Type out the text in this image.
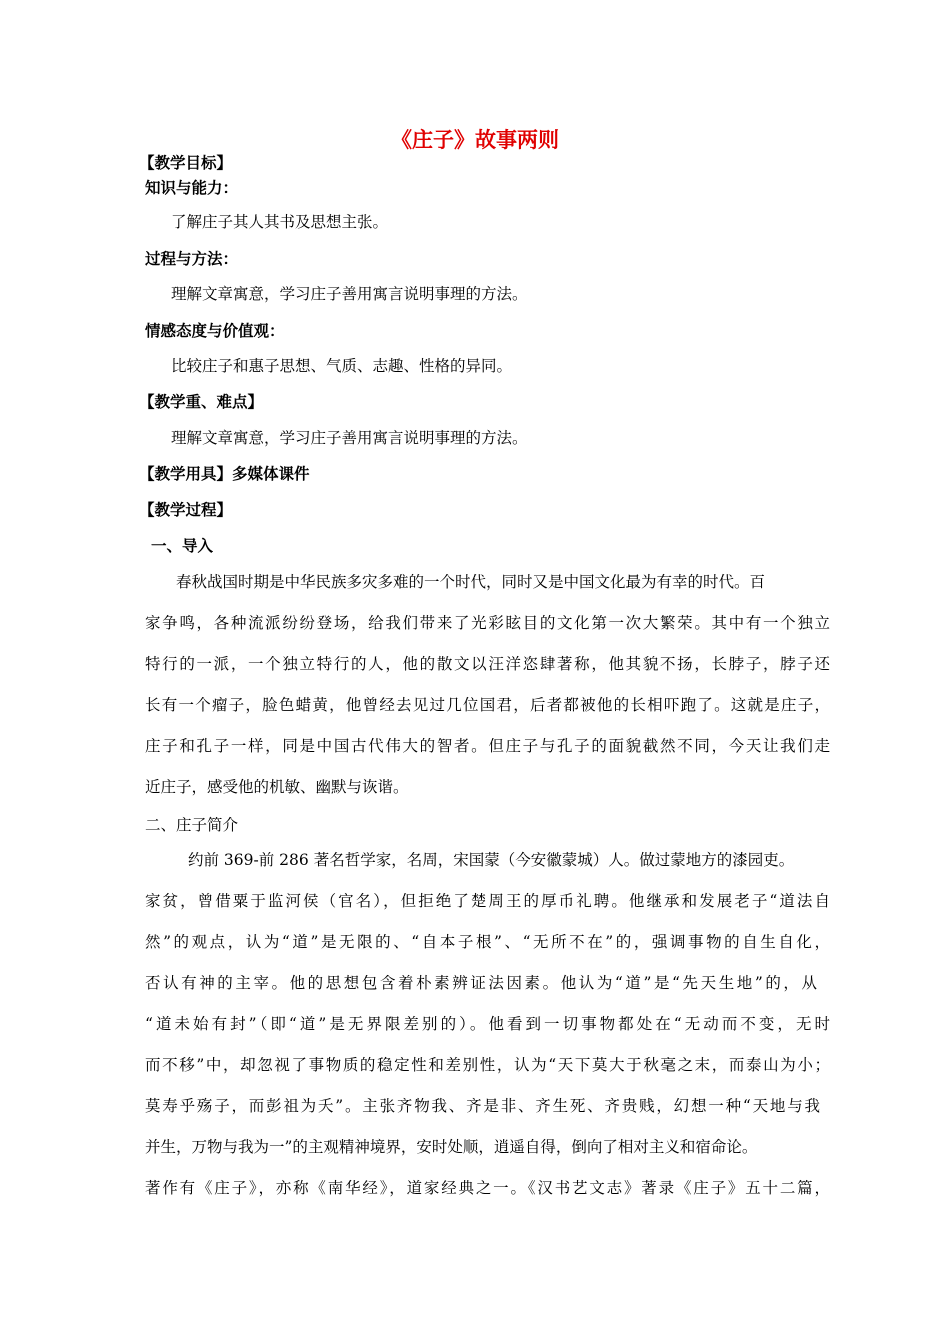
《庄子》故事两则
【教学目标】
知识与能力：
了解庄子其人其书及思想主张。
过程与方法：
理解文章寓意，学习庄子善用寓言说明事理的方法。
情感态度与价值观：
比较庄子和惠子思想、气质、志趣、性格的异同。
【教学重、难点】
理解文章寓意，学习庄子善用寓言说明事理的方法。
【教学用具】多媒体课件
【教学过程】
一、导入
春秋战国时期是中华民族多灾多难的一个时代，同时又是中国文化最为有幸的时代。百
家争鸣，各种流派纷纷登场，给我们带来了光彩眩目的文化第一次大繁荣。其中有一个独立
特行的一派，一个独立特行的人，他的散文以汪洋恣肆著称，他其貌不扬，长脖子，脖子还
长有一个瘤子，脸色蜡黄，他曾经去见过几位国君，后者都被他的长相吓跑了。这就是庄子，
庄子和孔子一样，同是中国古代伟大的智者。但庄子与孔子的面貌截然不同，今天让我们走
近庄子，感受他的机敏、幽默与诙谐。
二、庄子简介
约前 369-前 286 著名哲学家，名周，宋国蒙（今安徽蒙城）人。做过蒙地方的漆园吏。
家贫，曾借粟于监河侯（官名），但拒绝了楚周王的厚币礼聘。他继承和发展老子“道法自
然”的观点，认为“道”是无限的、“自本子根”、“无所不在”的，强调事物的自生自化，
否认有神的主宰。他的思想包含着朴素辨证法因素。他认为“道”是“先天生地”的，从
“道未始有封”（即“道”是无界限差别的）。他看到一切事物都处在“无动而不变，无时
而不移”中，却忽视了事物质的稳定性和差别性，认为“天下莫大于秋毫之末，而泰山为小；
莫寿乎殇子，而彭祖为夭”。主张齐物我、齐是非、齐生死、齐贵贱，幻想一种“天地与我
并生，万物与我为一”的主观精神境界，安时处顺，逍遥自得，倒向了相对主义和宿命论。
著作有《庄子》，亦称《南华经》，道家经典之一。《汉书艺文志》著录《庄子》五十二篇，
